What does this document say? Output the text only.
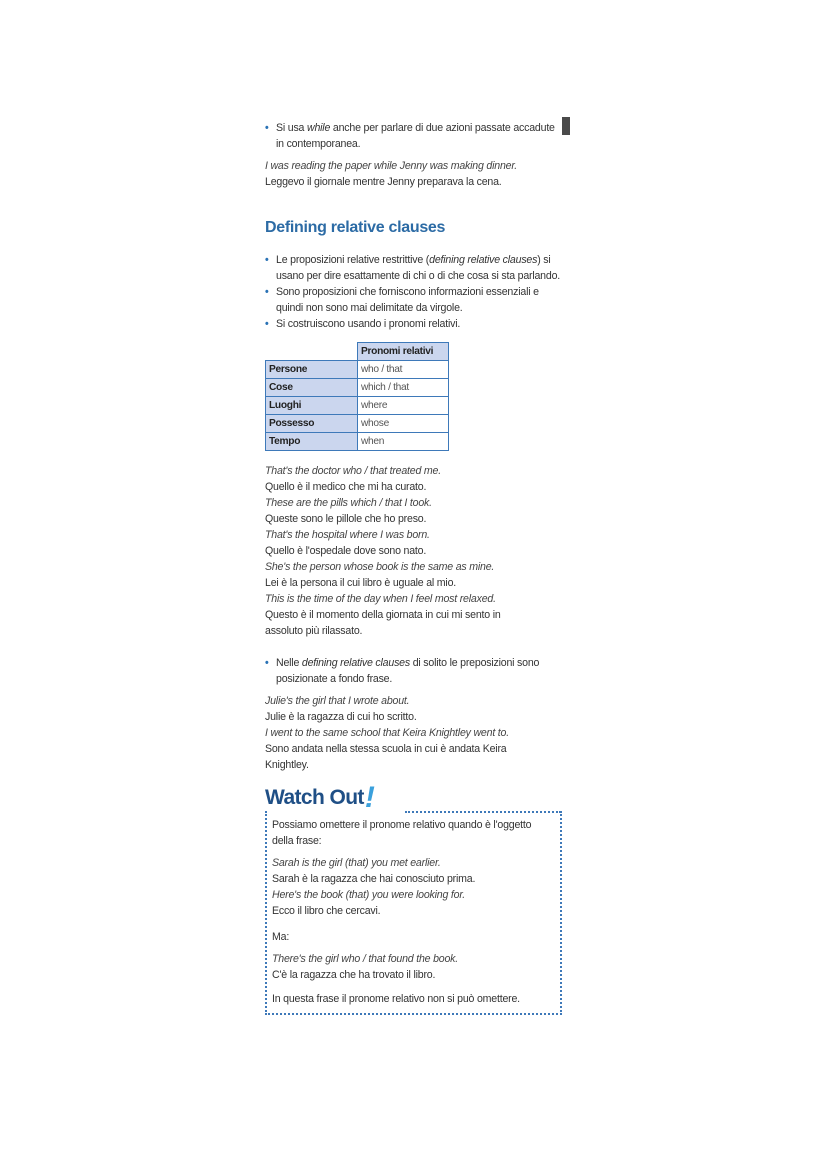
• Si usa while anche per parlare di due azioni passate accadute in contemporanea.
I was reading the paper while Jenny was making dinner.
Leggevo il giornale mentre Jenny preparava la cena.
Defining relative clauses
• Le proposizioni relative restrittive (defining relative clauses) si usano per dire esattamente di chi o di che cosa si sta parlando.
• Sono proposizioni che forniscono informazioni essenziali e quindi non sono mai delimitate da virgole.
• Si costruiscono usando i pronomi relativi.
	Pronomi relativi
Persone	who / that
Cose	which / that
Luoghi	where
Possesso	whose
Tempo	when
That's the doctor who / that treated me.
Quello è il medico che mi ha curato.
These are the pills which / that I took.
Queste sono le pillole che ho preso.
That's the hospital where I was born.
Quello è l'ospedale dove sono nato.
She's the person whose book is the same as mine.
Lei è la persona il cui libro è uguale al mio.
This is the time of the day when I feel most relaxed.
Questo è il momento della giornata in cui mi sento in assoluto più rilassato.
• Nelle defining relative clauses di solito le preposizioni sono posizionate a fondo frase.
Julie's the girl that I wrote about.
Julie è la ragazza di cui ho scritto.
I went to the same school that Keira Knightley went to.
Sono andata nella stessa scuola in cui è andata Keira Knightley.
Watch Out!
Possiamo omettere il pronome relativo quando è l'oggetto della frase:
Sarah is the girl (that) you met earlier.
Sarah è la ragazza che hai conosciuto prima.
Here's the book (that) you were looking for.
Ecco il libro che cercavi.
Ma:
There's the girl who / that found the book.
C'è la ragazza che ha trovato il libro.
In questa frase il pronome relativo non si può omettere.
